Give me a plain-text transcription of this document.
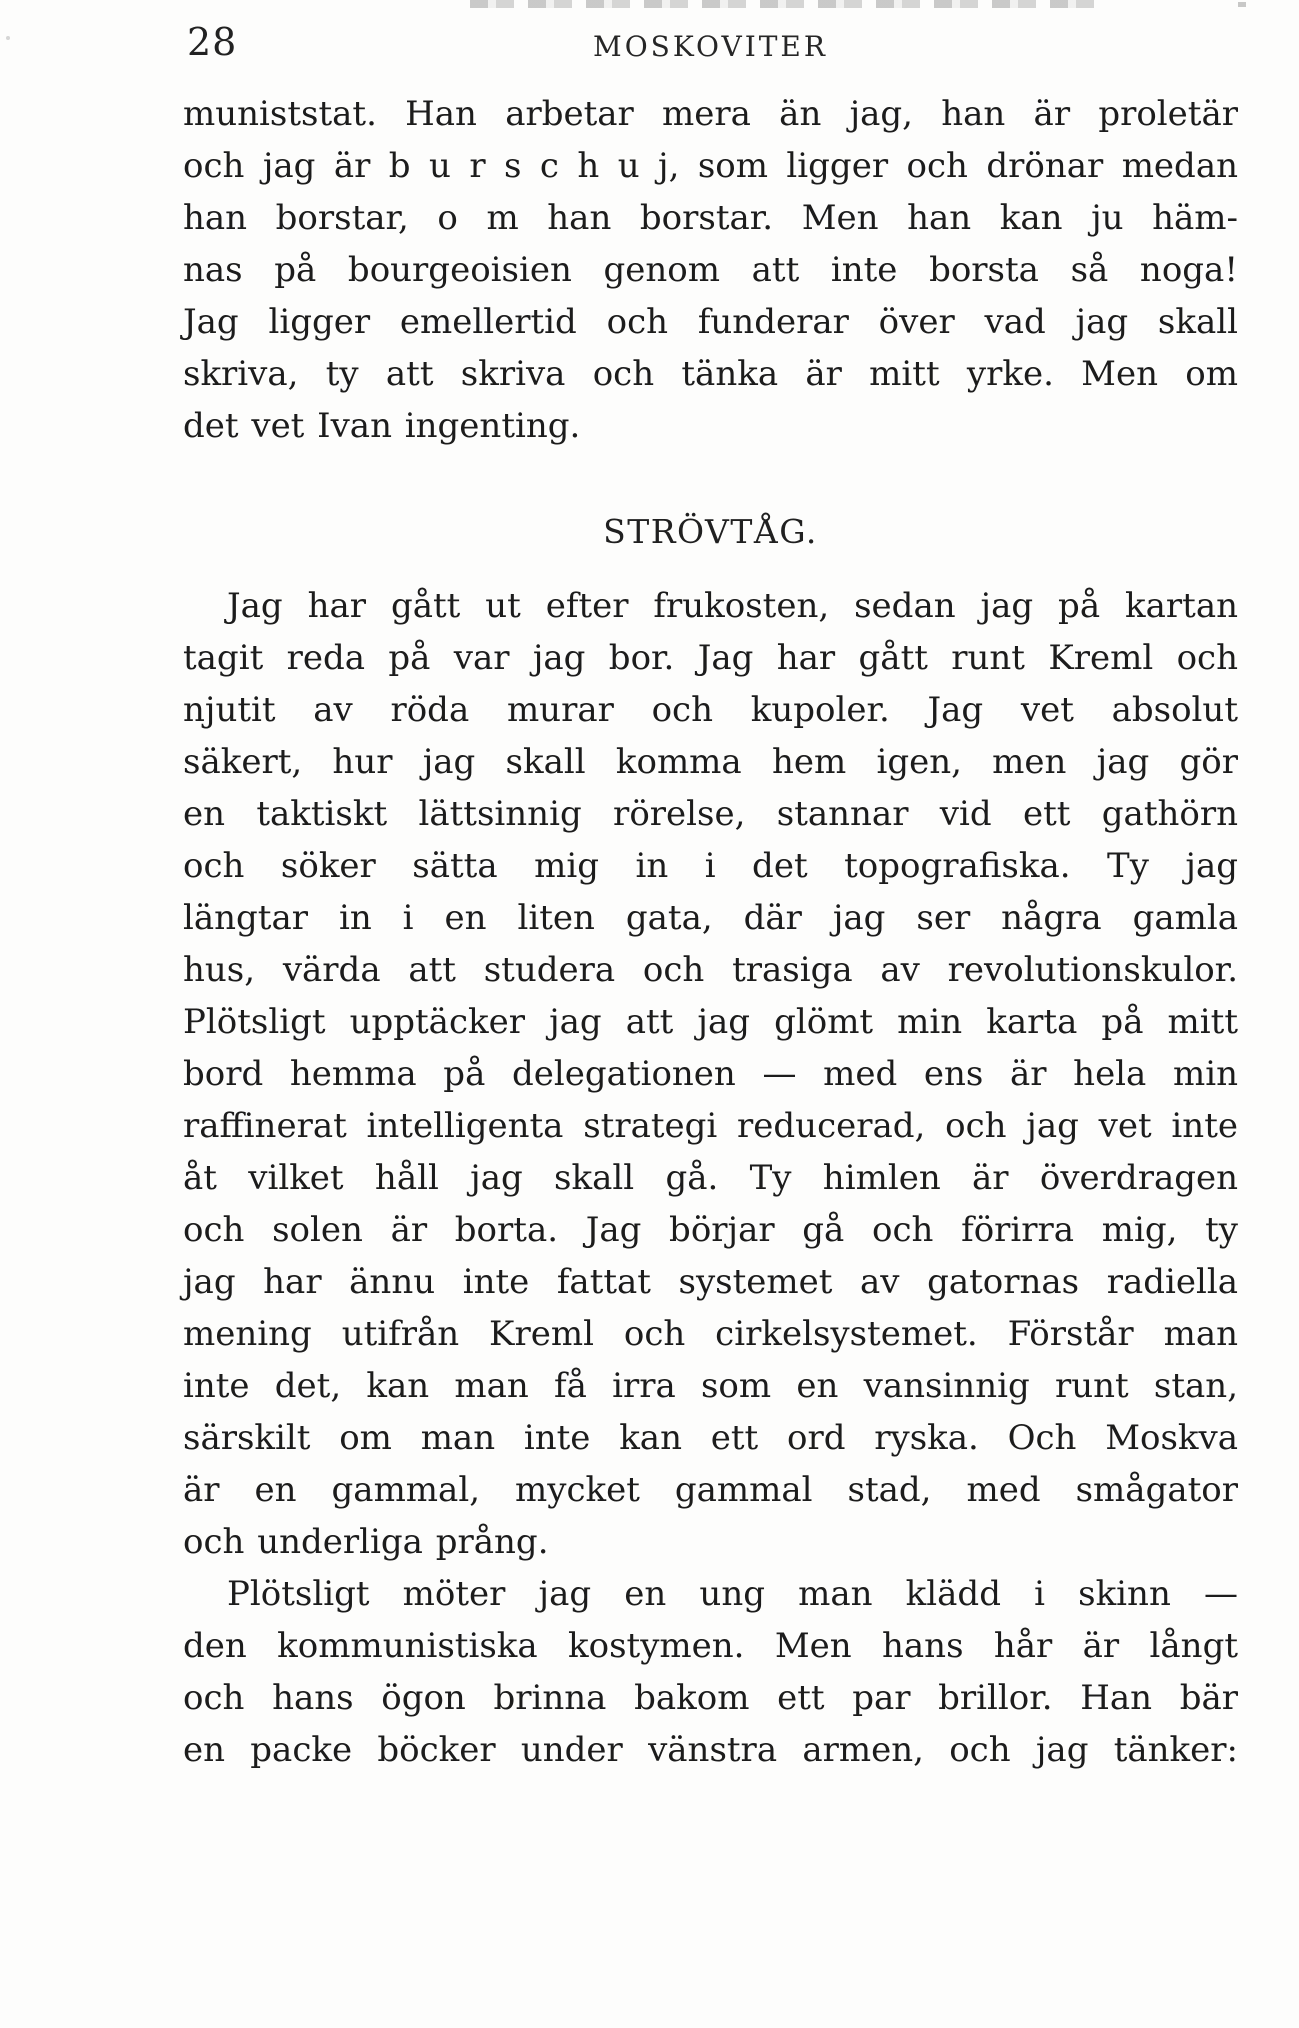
28	MOSKOVITER
muniststat. Han arbetar mera än jag, han är proletär
och jag är b u r s c h u j, som ligger och drönar medan
han borstar, o m han borstar. Men han kan ju häm-
nas på bourgeoisien genom att inte borsta så noga!
Jag ligger emellertid och funderar över vad jag skall
skriva, ty att skriva och tänka är mitt yrke. Men om
det vet Ivan ingenting.
STRÖVTÅG.
Jag har gått ut efter frukosten, sedan jag på kartan
tagit reda på var jag bor. Jag har gått runt Kreml och
njutit av röda murar och kupoler. Jag vet absolut
säkert, hur jag skall komma hem igen, men jag gör
en taktiskt lättsinnig rörelse, stannar vid ett gathörn
och söker sätta mig in i det topografiska. Ty jag
längtar in i en liten gata, där jag ser några gamla
hus, värda att studera och trasiga av revolutionskulor.
Plötsligt upptäcker jag att jag glömt min karta på mitt
bord hemma på delegationen — med ens är hela min
raffinerat intelligenta strategi reducerad, och jag vet inte
åt vilket håll jag skall gå. Ty himlen är överdragen
och solen är borta. Jag börjar gå och förirra mig, ty
jag har ännu inte fattat systemet av gatornas radiella
mening utifrån Kreml och cirkelsystemet. Förstår man
inte det, kan man få irra som en vansinnig runt stan,
särskilt om man inte kan ett ord ryska. Och Moskva
är en gammal, mycket gammal stad, med smågator
och underliga prång.
Plötsligt möter jag en ung man klädd i skinn —
den kommunistiska kostymen. Men hans hår är långt
och hans ögon brinna bakom ett par brillor. Han bär
en packe böcker under vänstra armen, och jag tänker:
